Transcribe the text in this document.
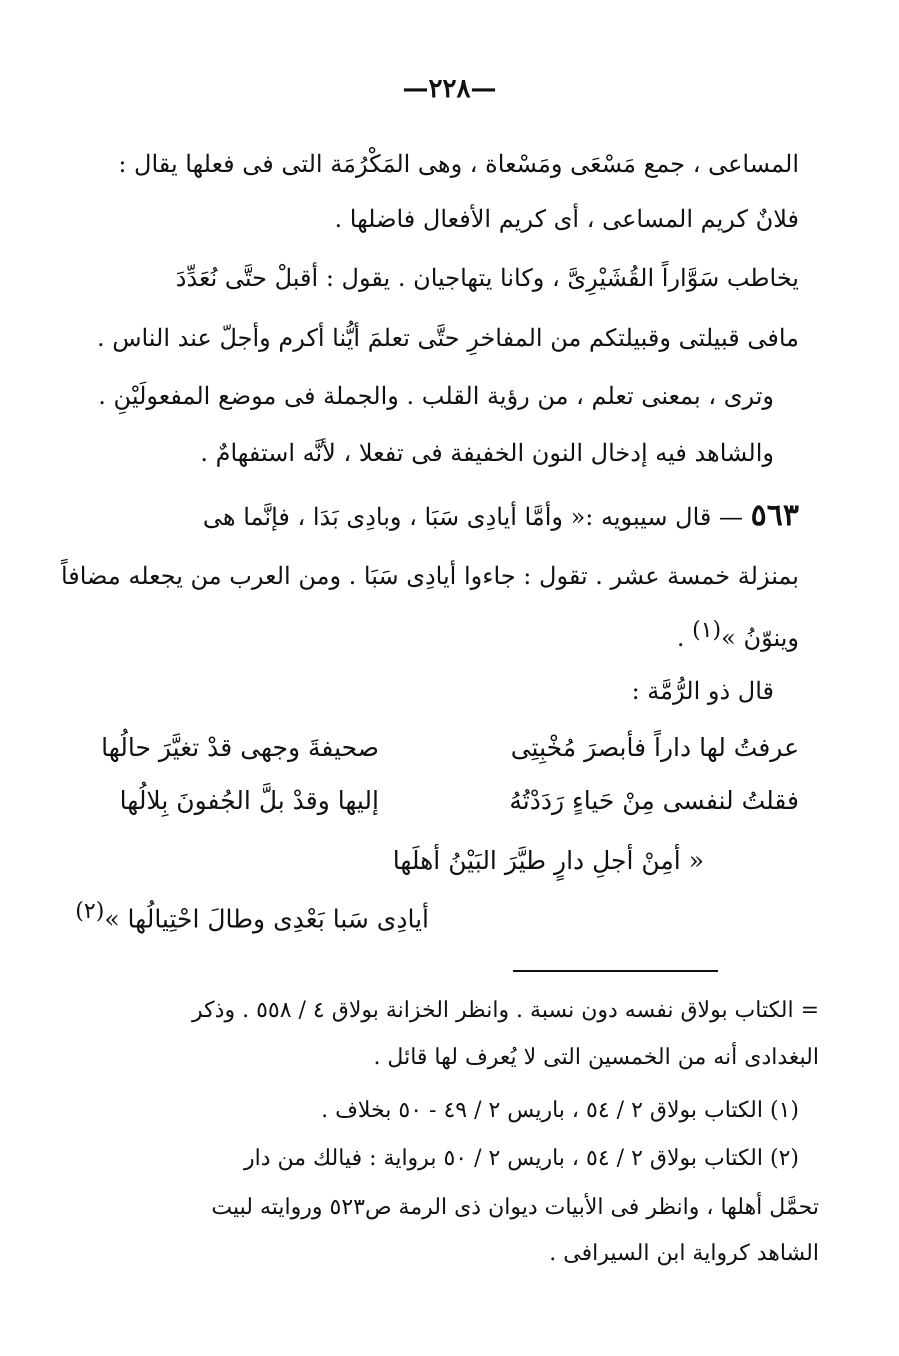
—٢٢٨—
المساعى ، جمع مَسْعَى ومَسْعاة ، وهى المَكْرُمَة التى فى فعلها يقال :
فلانٌ كريم المساعى ، أى كريم الأفعال فاضلها .
يخاطب سَوَّاراً القُشَيْرِىَّ ، وكانا يتهاجيان . يقول : أقبلْ حتَّى نُعَدِّدَ
مافى قبيلتى وقبيلتكم من المفاخرِ حتَّى تعلمَ أيُّنا أكرم وأجلّ عند الناس .
وترى ، بمعنى تعلم ، من رؤية القلب . والجملة فى موضع المفعولَيْنِ .
والشاهد فيه إدخال النون الخفيفة فى تفعلا ، لأنَّه استفهامٌ .
٥٦٣ — قال سيبويه :« وأمَّا أيادِى سَبَا ، وبادِى بَدَا ، فإنَّما هى
بمنزلة خمسة عشر . تقول : جاءوا أيادِى سَبَا . ومن العرب من يجعله مضافاً
وينوّنُ »$^{(١)}$ .
قال ذو الرُّمَّة :
عرفتُ لها داراً فأبصرَ مُخْبِتِى
صحيفةَ وجهى قدْ تغيَّرَ حالُها
فقلتُ لنفسى مِنْ حَياءٍ رَدَدْتُهُ
إليها وقدْ بلَّ الجُفونَ بِلالُها
« أمِنْ أجلِ دارٍ طيَّرَ البَيْنُ أهلَها
أيادِى سَبا بَعْدِى وطالَ احْتِيالُها »$^{(٢)}$
= الكتاب بولاق نفسه دون نسبة . وانظر الخزانة بولاق ٤ / ٥٥٨ . وذكر
البغدادى أنه من الخمسين التى لا يُعرف لها قائل .
(١) الكتاب بولاق ٢ / ٥٤ ، باريس ٢ / ٤٩ - ٥٠ بخلاف .
(٢) الكتاب بولاق ٢ / ٥٤ ، باريس ٢ / ٥٠ برواية : فيالك من دار
تحمَّل أهلها ، وانظر فى الأبيات ديوان ذى الرمة ص٥٢٣ وروايته لبيت
الشاهد كرواية ابن السيرافى .
